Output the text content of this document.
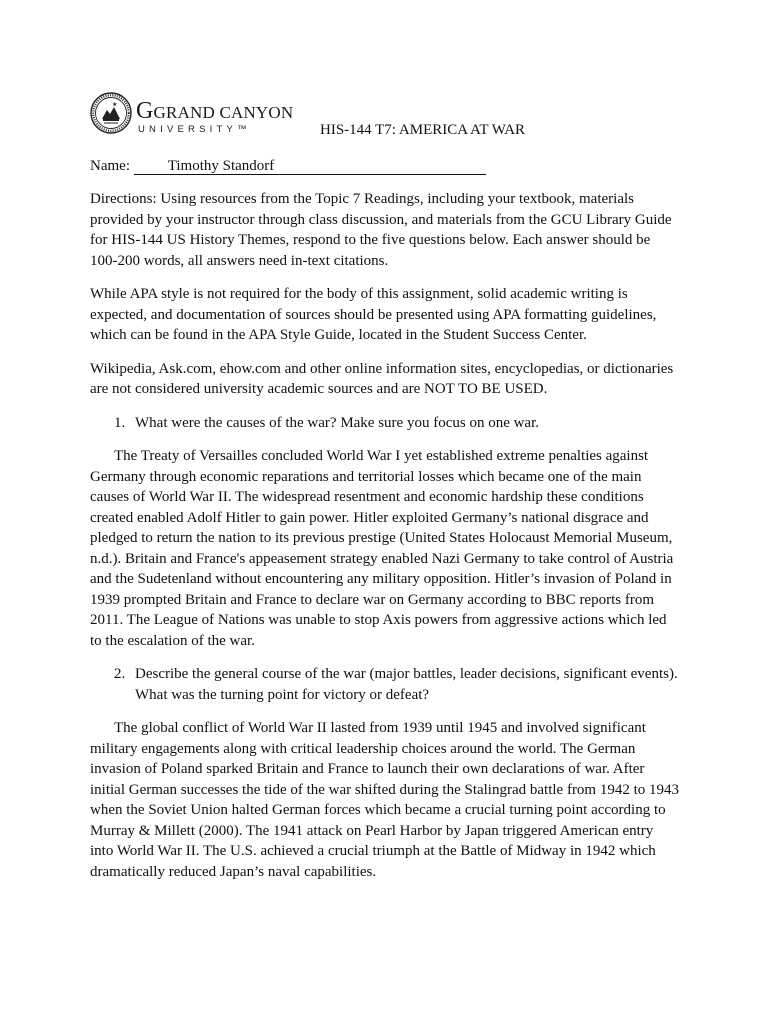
GGRAND CANYON
UNIVERSITY™	HIS-144 T7: AMERICA AT WAR
Name:	Timothy Standorf

Directions: Using resources from the Topic 7 Readings, including your textbook, materials provided by your instructor through class discussion, and materials from the GCU Library Guide for HIS-144 US History Themes, respond to the five questions below. Each answer should be 100-200 words, all answers need in-text citations.

While APA style is not required for the body of this assignment, solid academic writing is expected, and documentation of sources should be presented using APA formatting guidelines, which can be found in the APA Style Guide, located in the Student Success Center.

Wikipedia, Ask.com, ehow.com and other online information sites, encyclopedias, or dictionaries are not considered university academic sources and are NOT TO BE USED.

1. What were the causes of the war? Make sure you focus on one war.

The Treaty of Versailles concluded World War I yet established extreme penalties against Germany through economic reparations and territorial losses which became one of the main causes of World War II. The widespread resentment and economic hardship these conditions created enabled Adolf Hitler to gain power. Hitler exploited Germany’s national disgrace and pledged to return the nation to its previous prestige (United States Holocaust Memorial Museum, n.d.). Britain and France's appeasement strategy enabled Nazi Germany to take control of Austria and the Sudetenland without encountering any military opposition. Hitler’s invasion of Poland in 1939 prompted Britain and France to declare war on Germany according to BBC reports from 2011. The League of Nations was unable to stop Axis powers from aggressive actions which led to the escalation of the war.

2. Describe the general course of the war (major battles, leader decisions, significant events). What was the turning point for victory or defeat?

The global conflict of World War II lasted from 1939 until 1945 and involved significant military engagements along with critical leadership choices around the world. The German invasion of Poland sparked Britain and France to launch their own declarations of war. After initial German successes the tide of the war shifted during the Stalingrad battle from 1942 to 1943 when the Soviet Union halted German forces which became a crucial turning point according to Murray & Millett (2000). The 1941 attack on Pearl Harbor by Japan triggered American entry into World War II. The U.S. achieved a crucial triumph at the Battle of Midway in 1942 which dramatically reduced Japan’s naval capabilities.
